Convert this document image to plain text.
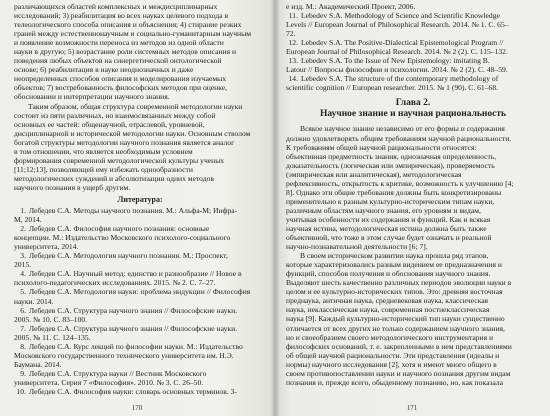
различающихся областей комплексных и междисциплинарных
исследований; 3) реабилитация во всех науках целевого подхода в
телеологического способа описания и объяснения; 4) стирание резких
граней между естественнонаучным и социально-гуманитарным научным
и появление возможности переноса из методов из одной области
науки в другую; 5) возрастание роли системных методов описания и
поведения любых объектов на синергетической онтологической
основе; 6) реабилитация в науке неоднозначных и даже
неопределенных способов описания и моделирования изучаемых
объектов; 7) востребованность философских методов при оценке,
обосновании и интерпретации научного знания.
Таким образом, общая структура современной методологии науки
состоит из пяти различных, но взаимосвязанных между собой
основных ее частей: общенаучной, отраслевой, уровневой,
дисциплинарной и исторической методологии науки. Основным стволом
богатой структуры методологии научного познания является аналог
в том отношении, что является необходимым условием
формирования современной методологической культуры ученых
[11;12;13], позволяющей ему избежать однообразности
методологических суждений и абсолютизации одних методов
научного познания в ущерб другим.
Литература:
1. Лебедев С.А. Методы научного познания. М.: Альфа-М; Инфра-
М, 2014.
2. Лебедев С.А. Философия научного познания: основные
концепции. М.: Издательство Московского психолого-социального
университета, 2014.
3. Лебедев С.А. Методология научного познания. М.: Проспект,
2015.
4. Лебедев С.А. Научный метод: единство и разнообразие // Новое в
психолого-педагогических исследованиях. 2015. № 2. С. 7–27.
5. Лебедев С.А. Методология науки: проблема индукции // Философия
науки. 2014.
6. Лебедев С.А. Структура научного знания // Философские науки.
2005. № 10. С. 83–100.
7. Лебедев С.А. Структура научного знания // Философские науки.
2005. № 11. С. 124–135.
8. Лебедев С.А. Курс лекций по философии науки. М.: Издательство
Московского государственного технического университета им. Н.Э.
Баумана. 2014.
9. Лебедев С.А. Структура науки // Вестник Московского
университета. Серия 7 «Философия». 2010. № 3. С. 26–50.
10. Лебедев С.А. Философия науки: словарь основных терминов. 3-
170
е изд. М.: Академический Проект, 2006.
11. Lebedev S.A. Methodology of Science and Scientific Knowledge
Levels // European Journal of Philosophical Research. 2014. № 1. С. 65–
72.
12. Lebedev S.A. The Positive-Dialectical Epistemological Program //
European Journal of Philosophical Research. 2014. № 2 (2). С. 115–132.
13. Lebedev S.A. To the Issue of New Epistemology: imitating B.
Latour // Вопросы философии и психологии. 2014. № 2 (2). С. 48–59.
14. Lebedev S.A. The structure of the contemporary methodology of
scientific cognition // European researcher. 2015. № 1 (90). С. 61–68.
Глава 2.
Научное знание и научная рациональность
Всякое научное знание независимо от его формы и содержания
должно удовлетворять общим требованиям научной рациональности.
К требованиям общей научной рациональности относятся:
объективная предметность знания, однозначная определенность,
доказательность (логическая или эмпирическая), проверяемость
(эмпирическая или аналитическая), методологическая
рефлексивность, открытость к критике, возможность к улучшению [4;
8]. Однако эти общие требования должны быть конкретизированы
применительно к разным культурно-историческим типам науки,
различным областям научного знания, его уровням и видам,
учитывая особенности их содержания и функций. Как и всякая
научная истина, методологическая истина должна быть также
объективной, что тоже в этом случае будет означать и реальной
научно-познавательной деятельности [6; 7].
В своем историческом развитии наука прошла ряд этапов,
которые характеризовались разным видением ее предназначения и
функций, способов получения и обоснования научного знания.
Выделяют шесть качественно различных периодов эволюции науки в
целом и ее культурно-исторических типов. Это: древняя восточная
преднаука, античная наука, средневековая наука, классическая
наука, неклассическая наука, современная постнеклассическая
наука [9]. Каждый культурно-исторический тип науки существенно
отличается от всех других не только содержанием научного знания,
но и своеобразием своего методологического инструментария и
философских оснований, т. е. закрепленными в нем представлениями
об общей научной рациональности. Эти представления (идеалы и
нормы) научного исследования [2], хотя и имеют много общего в
своем противопоставлении науки и научного познания другим видам
познания и, прежде всего, обыденному познанию, но, как показала
171
